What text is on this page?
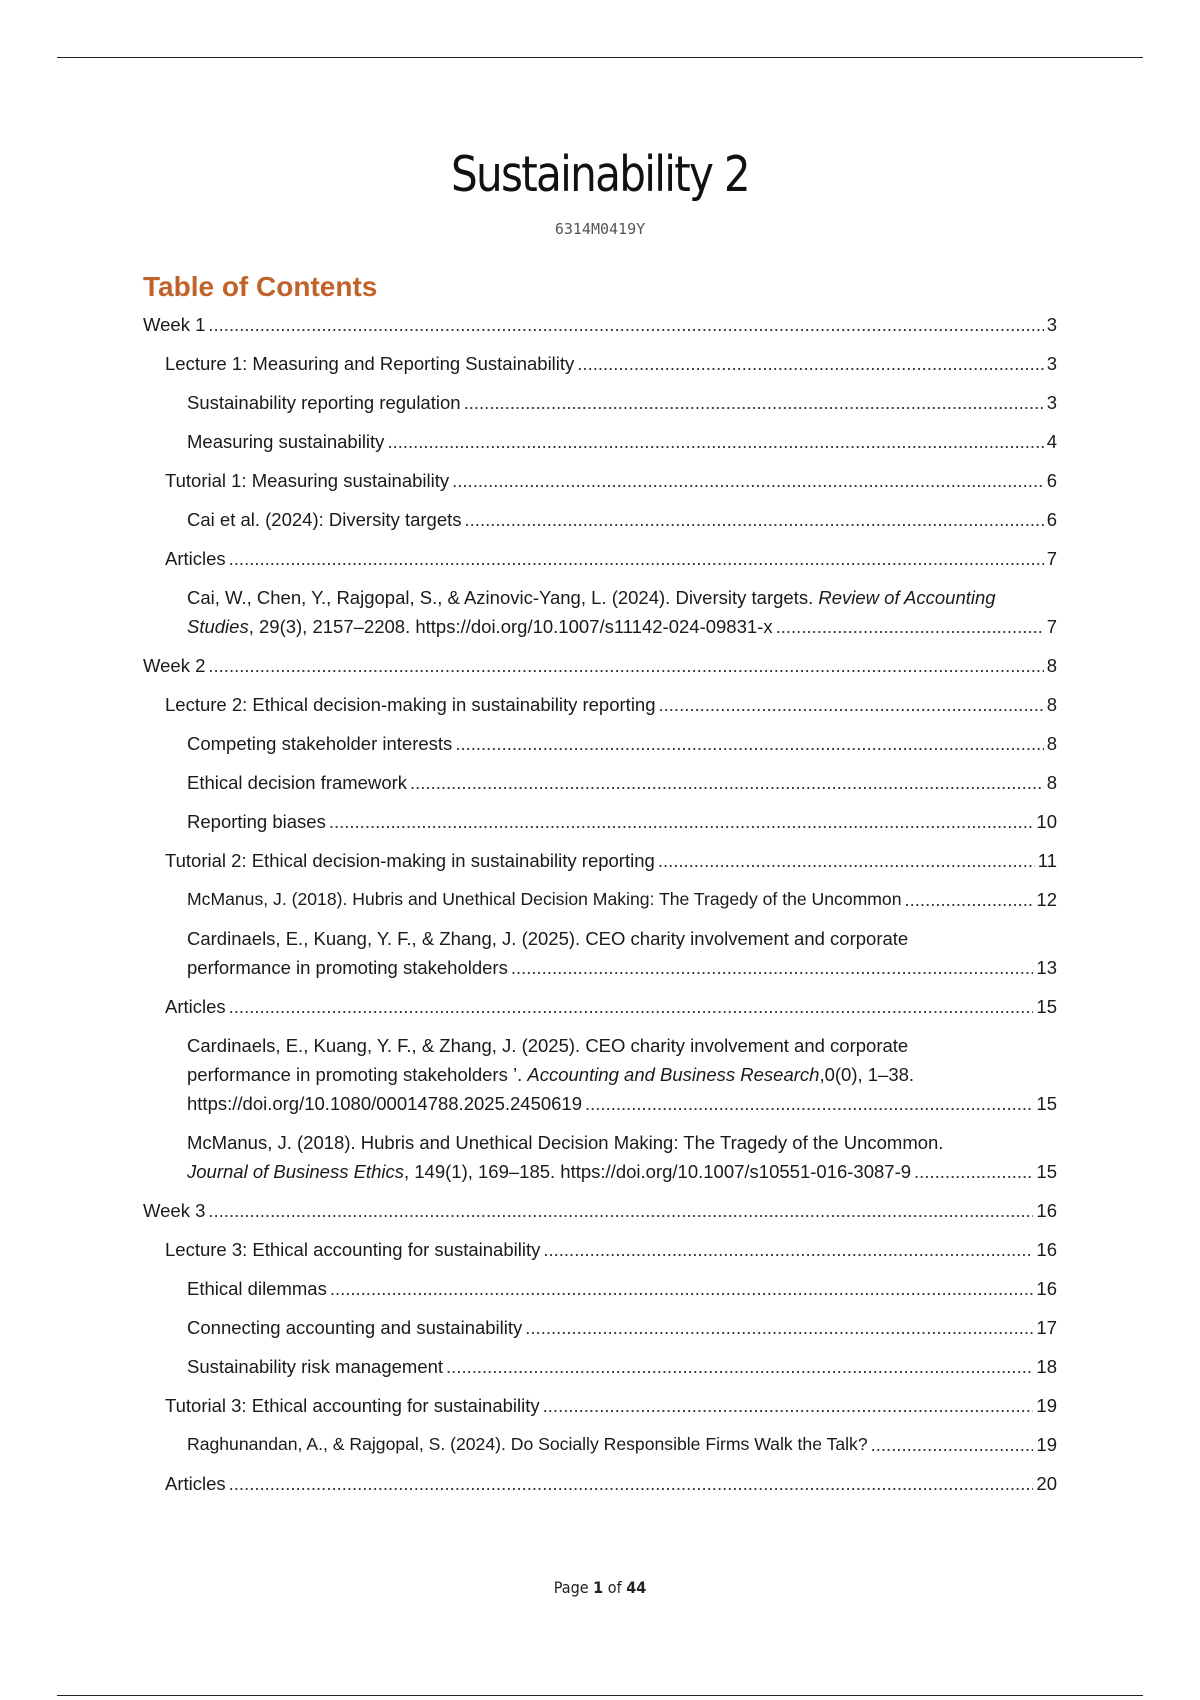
Sustainability 2
6314M0419Y
Table of Contents
Week 1 .....	3
Lecture 1: Measuring and Reporting Sustainability .....	3
Sustainability reporting regulation .....	3
Measuring sustainability .....	4
Tutorial 1: Measuring sustainability .....	6
Cai et al. (2024): Diversity targets .....	6
Articles .....	7
Cai, W., Chen, Y., Rajgopal, S., & Azinovic-Yang, L. (2024). Diversity targets. Review of Accounting
Studies, 29(3), 2157–2208. https://doi.org/10.1007/s11142-024-09831-x .....	7
Week 2 .....	8
Lecture 2: Ethical decision-making in sustainability reporting .....	8
Competing stakeholder interests .....	8
Ethical decision framework .....	8
Reporting biases .....	10
Tutorial 2: Ethical decision-making in sustainability reporting .....	11
McManus, J. (2018). Hubris and Unethical Decision Making: The Tragedy of the Uncommon .....	12
Cardinaels, E., Kuang, Y. F., & Zhang, J. (2025). CEO charity involvement and corporate
performance in promoting stakeholders .....	13
Articles .....	15
Cardinaels, E., Kuang, Y. F., & Zhang, J. (2025). CEO charity involvement and corporate
performance in promoting stakeholders ’. Accounting and Business Research,0(0), 1–38.
https://doi.org/10.1080/00014788.2025.2450619 .....	15
McManus, J. (2018). Hubris and Unethical Decision Making: The Tragedy of the Uncommon.
Journal of Business Ethics, 149(1), 169–185. https://doi.org/10.1007/s10551-016-3087-9 .....	15
Week 3 .....	16
Lecture 3: Ethical accounting for sustainability .....	16
Ethical dilemmas .....	16
Connecting accounting and sustainability .....	17
Sustainability risk management .....	18
Tutorial 3: Ethical accounting for sustainability .....	19
Raghunandan, A., & Rajgopal, S. (2024). Do Socially Responsible Firms Walk the Talk? .....	19
Articles .....	20
Page 1 of 44
